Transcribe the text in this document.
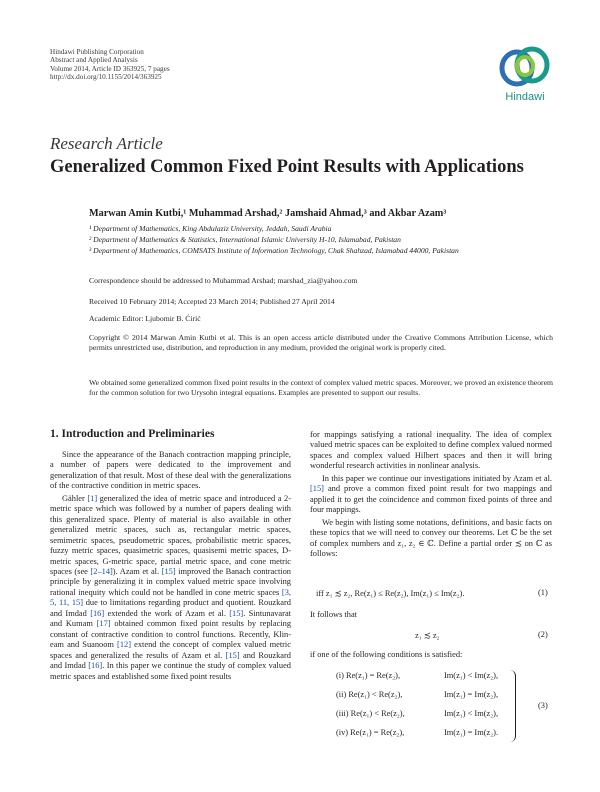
Hindawi Publishing Corporation
Abstract and Applied Analysis
Volume 2014, Article ID 363925, 7 pages
http://dx.doi.org/10.1155/2014/363925
Hindawi
Research Article
Generalized Common Fixed Point Results with Applications
Marwan Amin Kutbi,¹ Muhammad Arshad,² Jamshaid Ahmad,³ and Akbar Azam³
¹ Department of Mathematics, King Abdulaziz University, Jeddah, Saudi Arabia
² Department of Mathematics & Statistics, International Islamic University H-10, Islamabad, Pakistan
³ Department of Mathematics, COMSATS Institute of Information Technology, Chak Shahzad, Islamabad 44000, Pakistan
Correspondence should be addressed to Muhammad Arshad; marshad_zia@yahoo.com
Received 10 February 2014; Accepted 23 March 2014; Published 27 April 2014
Academic Editor: Ljubomir B. Ćirić
Copyright © 2014 Marwan Amin Kutbi et al. This is an open access article distributed under the Creative Commons Attribution License, which permits unrestricted use, distribution, and reproduction in any medium, provided the original work is properly cited.
We obtained some generalized common fixed point results in the context of complex valued metric spaces. Moreover, we proved an existence theorem for the common solution for two Urysohn integral equations. Examples are presented to support our results.
1. Introduction and Preliminaries

Since the appearance of the Banach contraction mapping principle, a number of papers were dedicated to the improvement and generalization of that result. Most of these deal with the generalizations of the contractive condition in metric spaces.

Gähler [1] generalized the idea of metric space and introduced a 2-metric space which was followed by a number of papers dealing with this generalized space. Plenty of material is also available in other generalized metric spaces, such as, rectangular metric spaces, semimetric spaces, pseudometric spaces, probabilistic metric spaces, fuzzy metric spaces, quasimetric spaces, quasisemi metric spaces, D-metric spaces, G-metric space, partial metric space, and cone metric spaces (see [2–14]). Azam et al. [15] improved the Banach contraction principle by generalizing it in complex valued metric space involving rational inequity which could not be handled in cone metric spaces [3, 5, 11, 15] due to limitations regarding product and quotient. Rouzkard and Imdad [16] extended the work of Azam et al. [15]. Sintunavarat and Kumam [17] obtained common fixed point results by replacing constant of contractive condition to control functions. Recently, Klin-eam and Suanoom [12] extend the concept of complex valued metric spaces and generalized the results of Azam et al. [15] and Rouzkard and Imdad [16]. In this paper we continue the study of complex valued metric spaces and established some fixed point results

for mappings satisfying a rational inequality. The idea of complex valued metric spaces can be exploited to define complex valued normed spaces and complex valued Hilbert spaces and then it will bring wonderful research activities in nonlinear analysis.

In this paper we continue our investigations initiated by Azam et al. [15] and prove a common fixed point result for two mappings and applied it to get the coincidence and common fixed points of three and four mappings.

We begin with listing some notations, definitions, and basic facts on these topics that we will need to convey our theorems. Let ℂ be the set of complex numbers and z₁, z₂ ∈ ℂ. Define a partial order ≾ on ℂ as follows:

iff z₁ ≾ z₂, Re(z₁) ≤ Re(z₂), Im(z₁) ≤ Im(z₂).	(1)
It follows that
z₁ ≾ z₂	(2)
if one of the following conditions is satisfied:
(i) Re(z₁) = Re(z₂),	Im(z₁) < Im(z₂),
(ii) Re(z₁) < Re(z₂),	Im(z₁) = Im(z₂),
(iii) Re(z₁) < Re(z₂),	Im(z₁) < Im(z₂),
(iv) Re(z₁) = Re(z₂),	Im(z₁) = Im(z₂).
(3)
